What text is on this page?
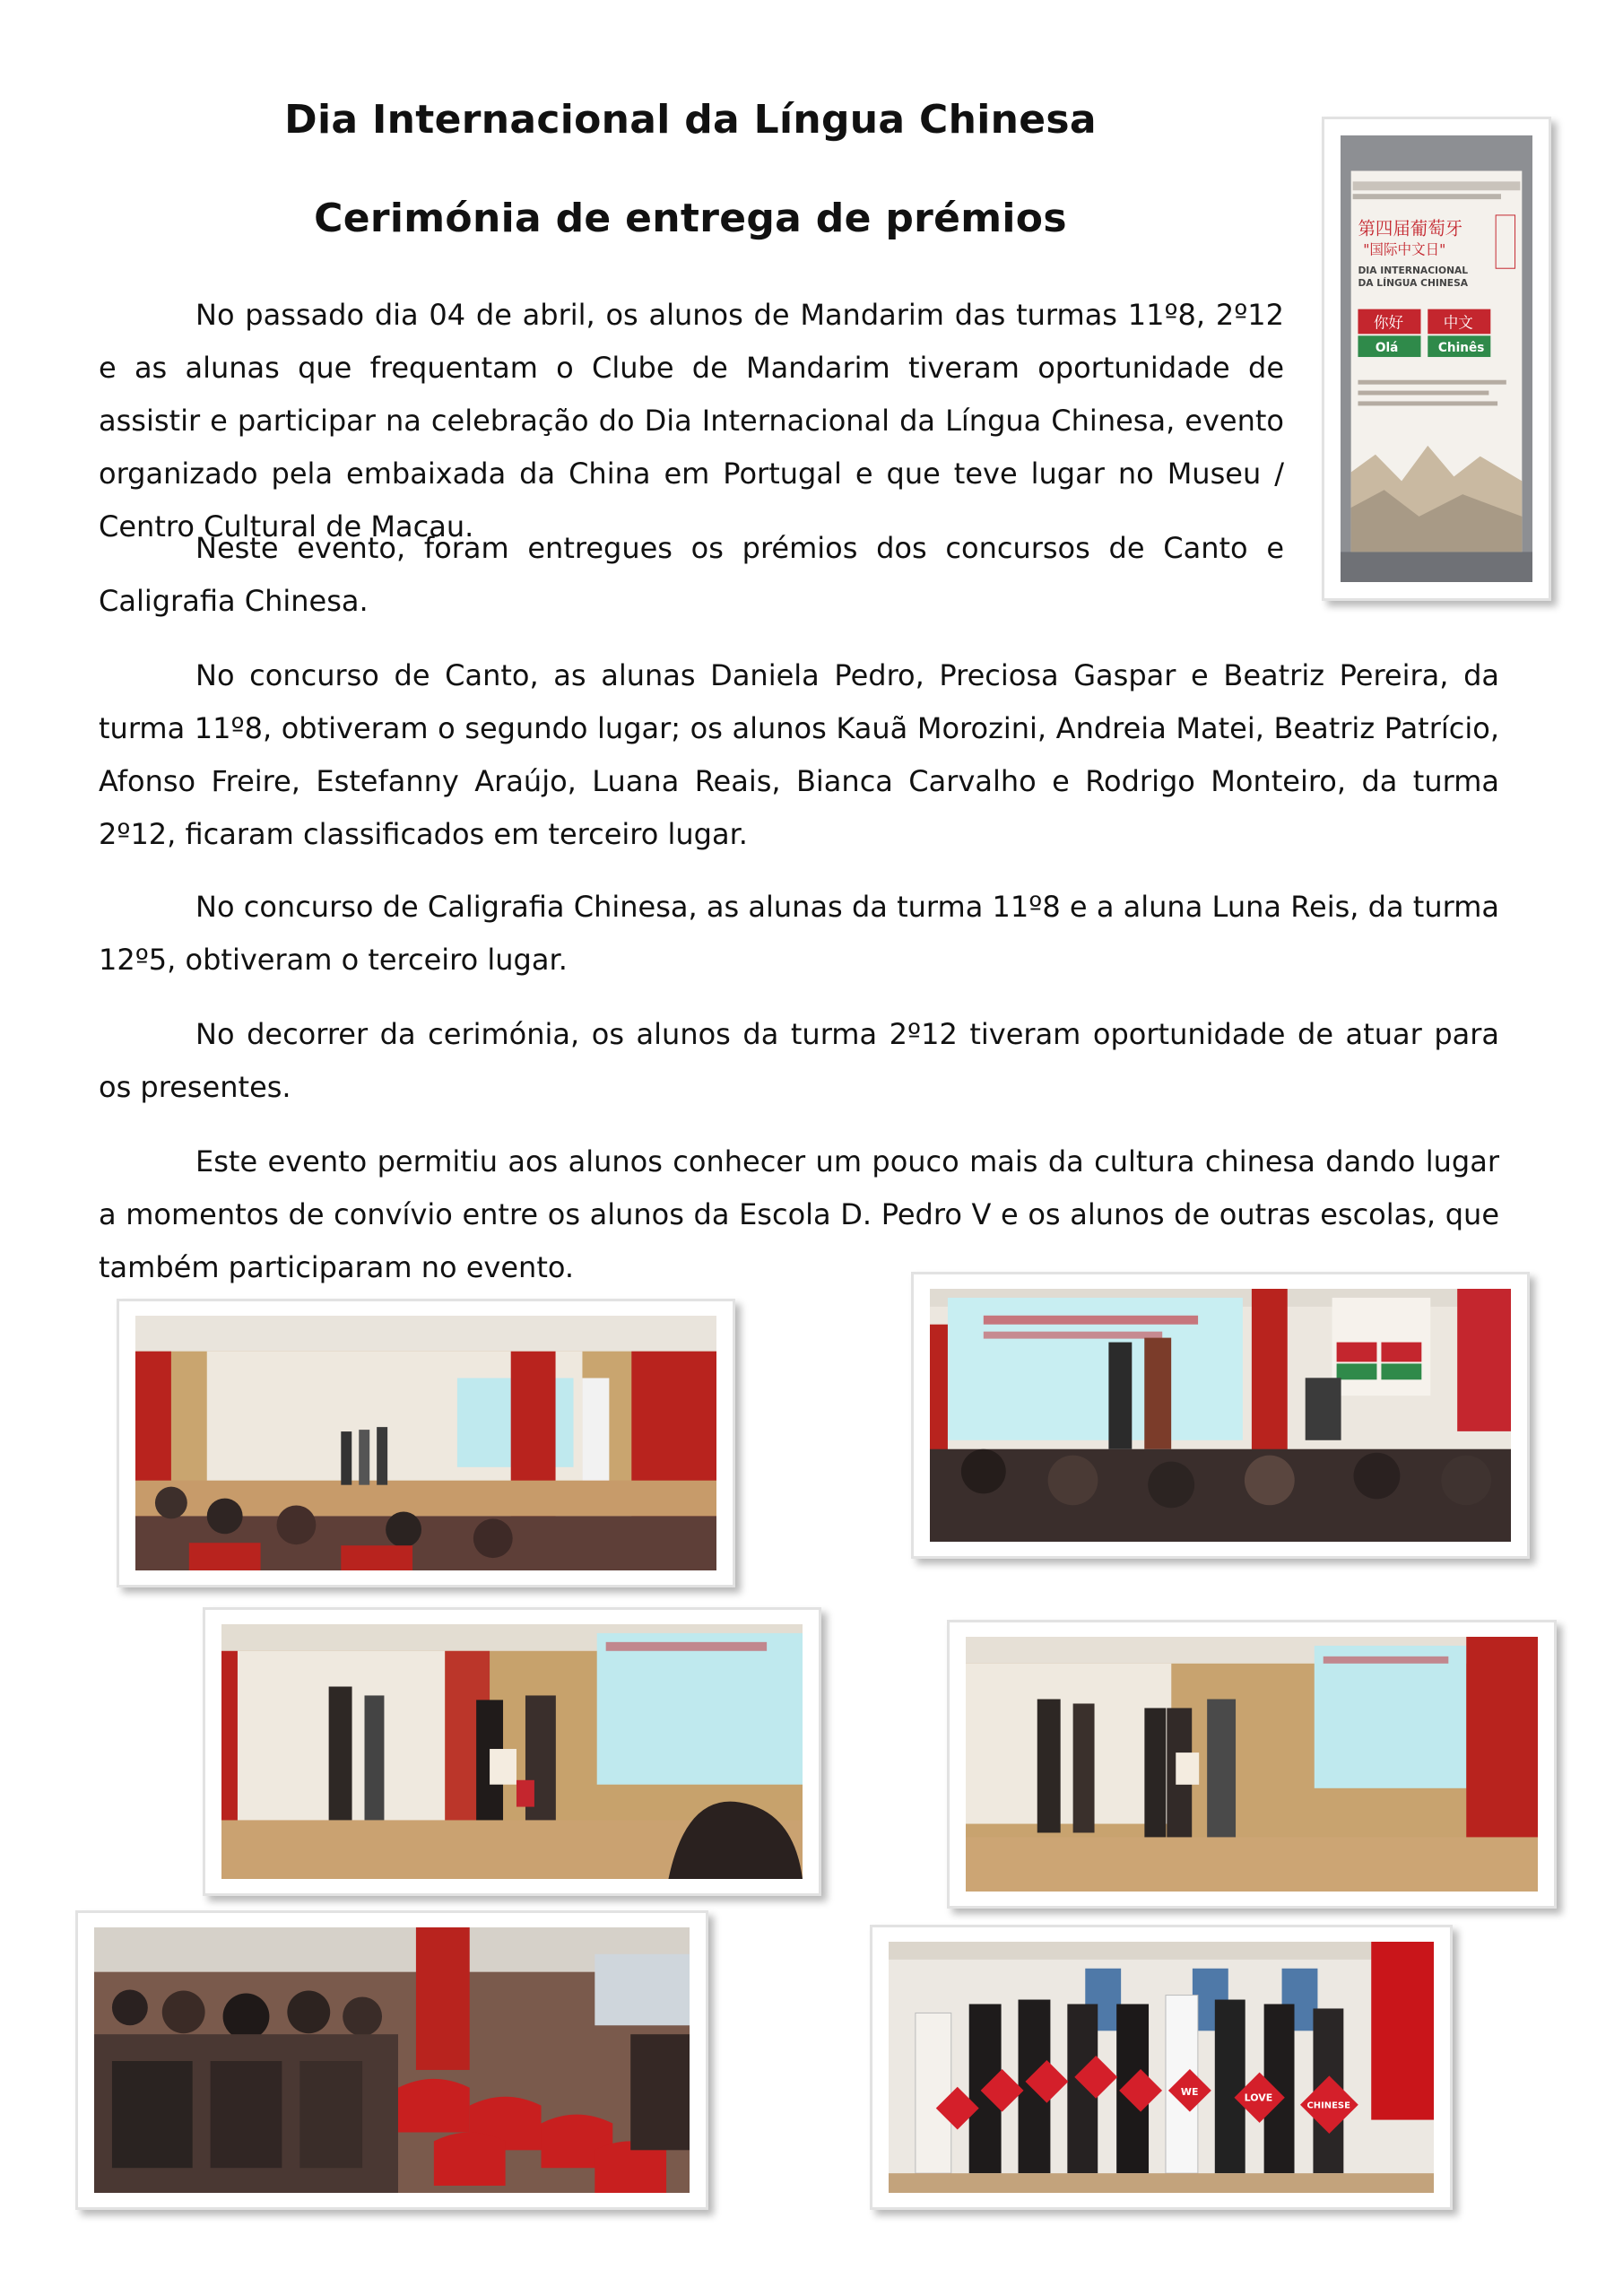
Dia Internacional da Língua Chinesa
Cerimónia de entrega de prémios

No passado dia 04 de abril, os alunos de Mandarim das turmas 11º8, 2º12 e as alunas que frequentam o Clube de Mandarim tiveram oportunidade de assistir e participar na celebração do Dia Internacional da Língua Chinesa, evento organizado pela embaixada da China em Portugal e que teve lugar no Museu / Centro Cultural de Macau.

Neste evento, foram entregues os prémios dos concursos de Canto e Caligrafia Chinesa.

No concurso de Canto, as alunas Daniela Pedro, Preciosa Gaspar e Beatriz Pereira, da turma 11º8, obtiveram o segundo lugar; os alunos Kauã Morozini, Andreia Matei, Beatriz Patrício, Afonso Freire, Estefanny Araújo, Luana Reais, Bianca Carvalho e Rodrigo Monteiro, da turma 2º12, ficaram classificados em terceiro lugar.

No concurso de Caligrafia Chinesa, as alunas da turma 11º8 e a aluna Luna Reis, da turma 12º5, obtiveram o terceiro lugar.

No decorrer da cerimónia, os alunos da turma 2º12 tiveram oportunidade de atuar para os presentes.

Este evento permitiu aos alunos conhecer um pouco mais da cultura chinesa dando lugar a momentos de convívio entre os alunos da Escola D. Pedro V e os alunos de outras escolas, que também participaram no evento.

第四届葡萄牙
"国际中文日"
DIA INTERNACIONAL
DA LÍNGUA CHINESA
你好	中文
Olá	Chinês
WE
LOVE
CHINESE
